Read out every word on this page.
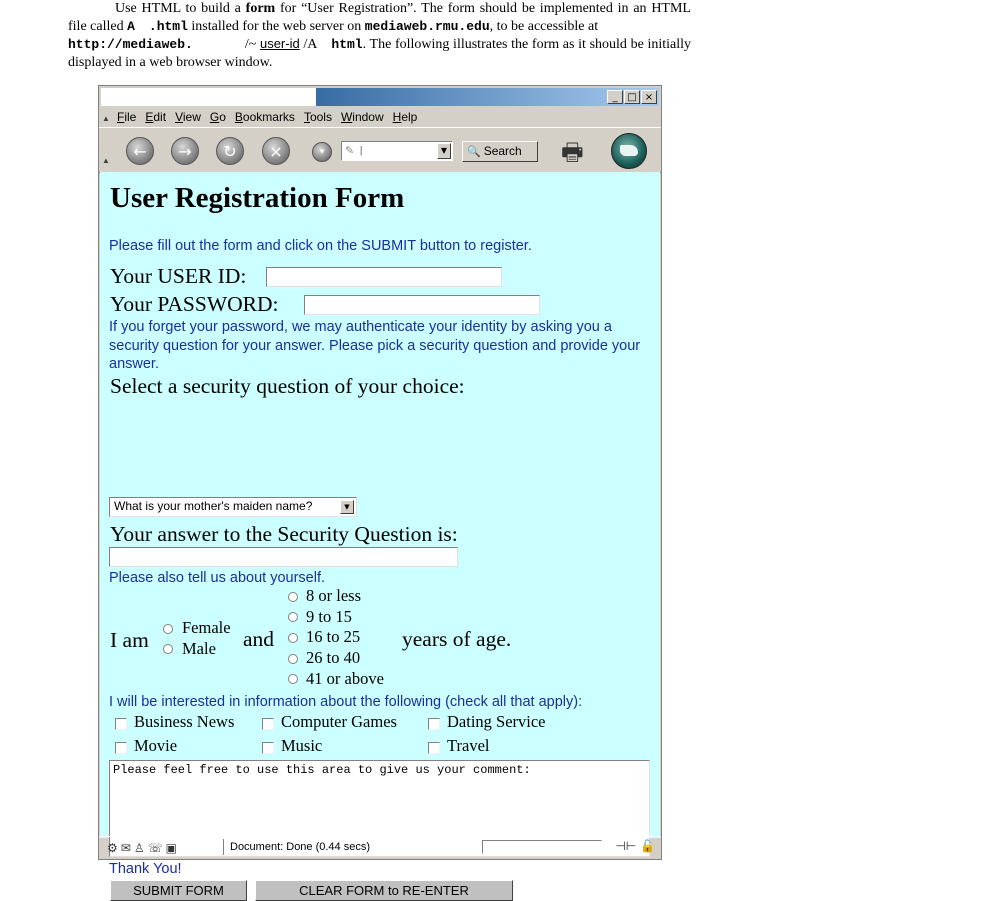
Use HTML to build a form for “User Registration”. The form should be implemented in an HTML file called A .html installed for the web server on mediaweb.rmu.edu, to be accessible at
http://mediaweb.	/~ user-id /A html. The following illustrates the form as it should be initially displayed in a web browser window.

_ □ ×
▲ File Edit View Go Bookmarks Tools Window Help
▲	←	→	↻	×	▾	✎ |	▼	🔍 Search	🖶
User Registration Form
Please fill out the form and click on the SUBMIT button to register.
Your USER ID:
Your PASSWORD:
If you forget your password, we may authenticate your identity by asking you a security question for your answer. Please pick a security question and provide your answer.
Select a security question of your choice:
What is your mother's maiden name?	▼
Your answer to the Security Question is:
Please also tell us about yourself.
I am
Female
Male and
8 or less
9 to 15
16 to 25
26 to 40
41 or above
years of age.
I will be interested in information about the following (check all that apply):
Business News	Computer Games	Dating Service
Movie	Music	Travel
Please feel free to use this area to give us your comment:
Thank You!
SUBMIT FORM	CLEAR FORM to RE-ENTER
⚙✉♙☏▣	Document: Done (0.44 secs)	⊣⊢ 🔓
